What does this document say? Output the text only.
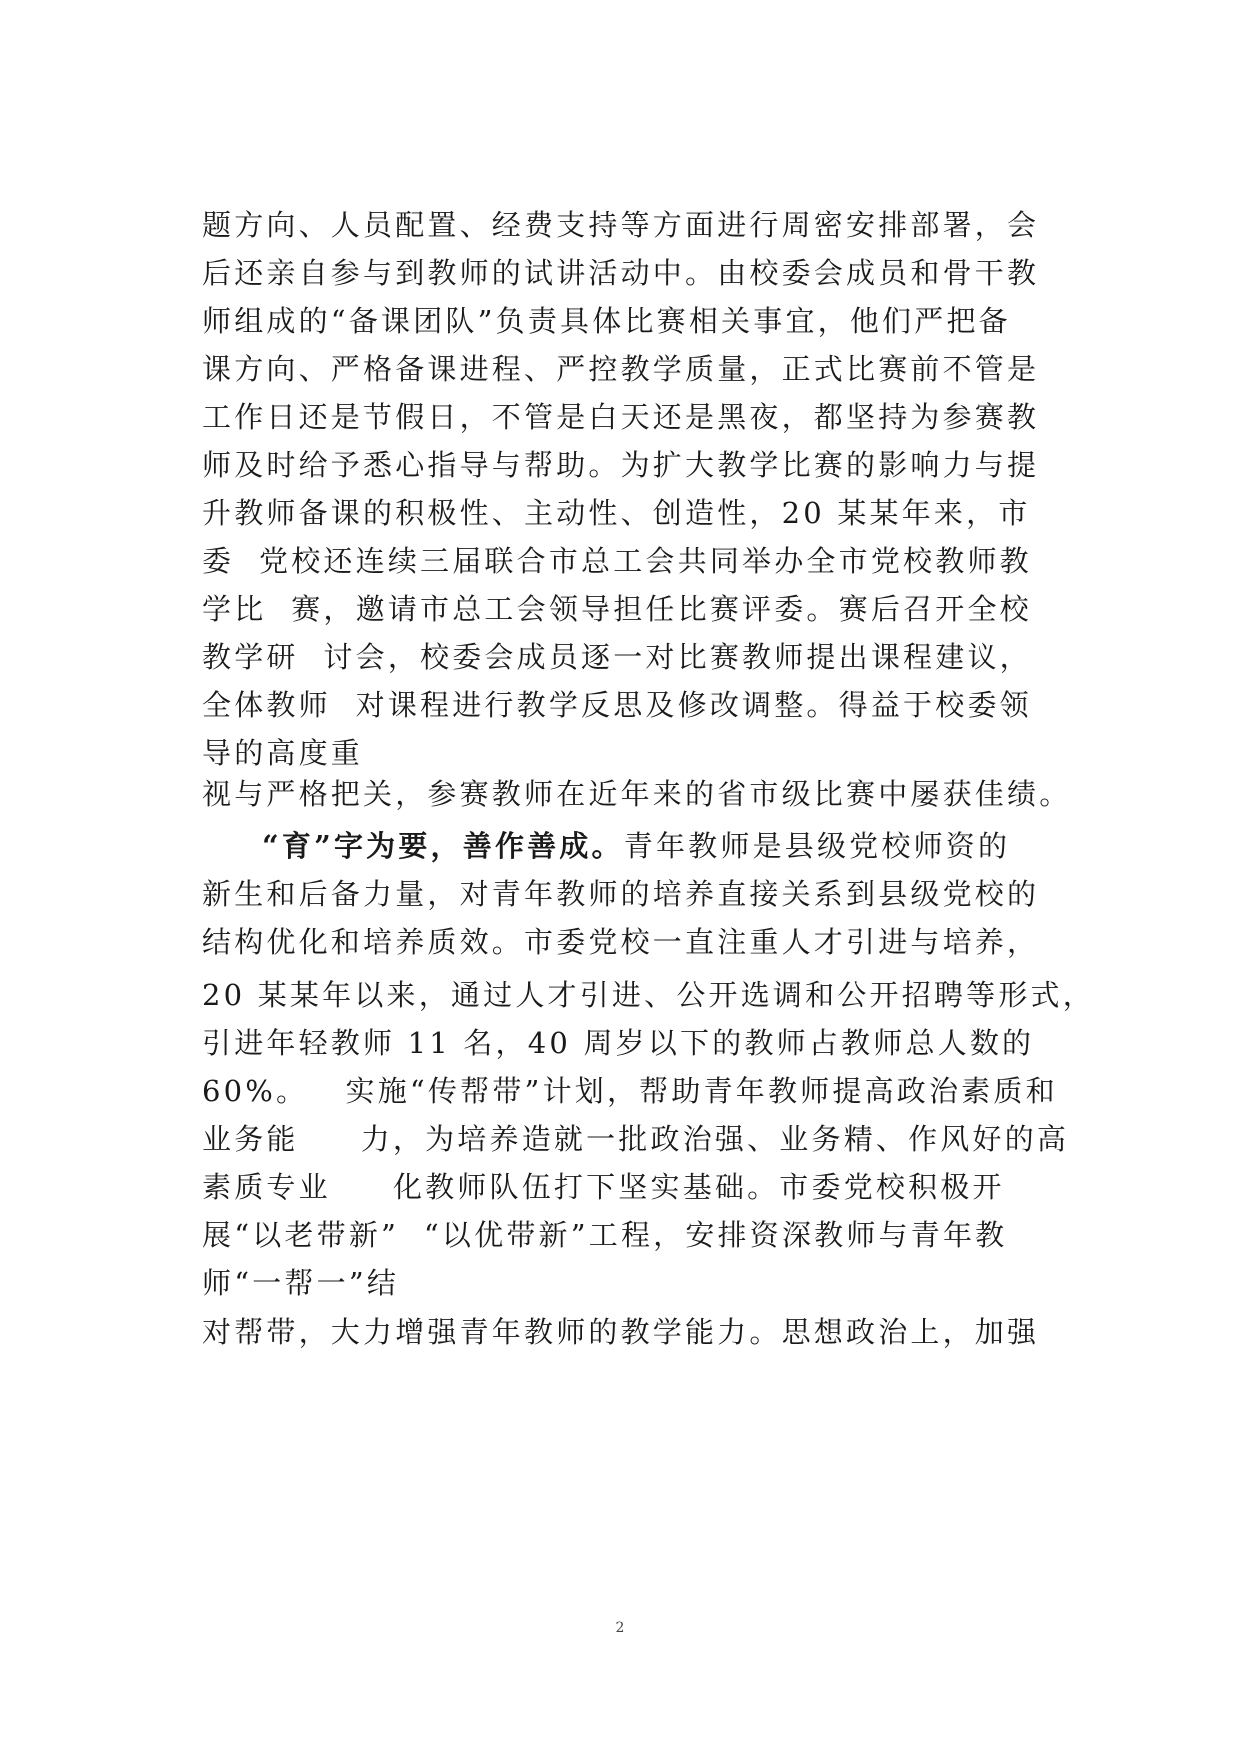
题方向、人员配置、经费支持等方面进行周密安排部署，会
后还亲自参与到教师的试讲活动中。由校委会成员和骨干教
师组成的“备课团队”负责具体比赛相关事宜，他们严把备
课方向、严格备课进程、严控教学质量，正式比赛前不管是
工作日还是节假日，不管是白天还是黑夜，都坚持为参赛教
师及时给予悉心指导与帮助。为扩大教学比赛的影响力与提
升教师备课的积极性、主动性、创造性，20 某某年来，市
委  党校还连续三届联合市总工会共同举办全市党校教师教
学比  赛，邀请市总工会领导担任比赛评委。赛后召开全校
教学研  讨会，校委会成员逐一对比赛教师提出课程建议，
全体教师  对课程进行教学反思及修改调整。得益于校委领
导的高度重
视与严格把关，参赛教师在近年来的省市级比赛中屡获佳绩。
“育”字为要，善作善成。青年教师是县级党校师资的
新生和后备力量，对青年教师的培养直接关系到县级党校的
结构优化和培养质效。市委党校一直注重人才引进与培养，
20 某某年以来，通过人才引进、公开选调和公开招聘等形式，
引进年轻教师 11 名，40 周岁以下的教师占教师总人数的
60%。   实施“传帮带”计划，帮助青年教师提高政治素质和
业务能     力，为培养造就一批政治强、业务精、作风好的高
素质专业     化教师队伍打下坚实基础。市委党校积极开
展“以老带新”  “以优带新”工程，安排资深教师与青年教
师“一帮一”结
对帮带，大力增强青年教师的教学能力。思想政治上，加强
2
